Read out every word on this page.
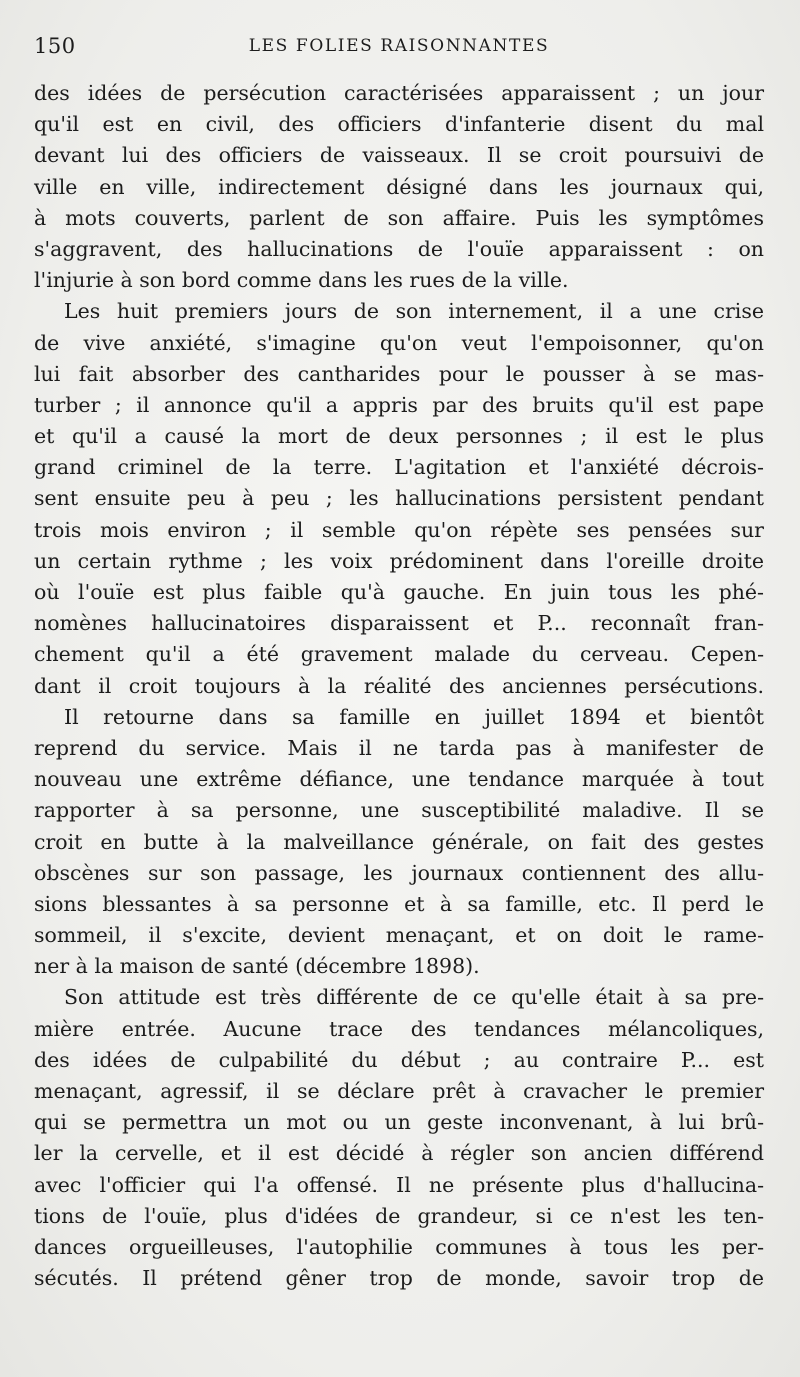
150	LES FOLIES RAISONNANTES
des idées de persécution caractérisées apparaissent ; un jour
qu'il est en civil, des officiers d'infanterie disent du mal
devant lui des officiers de vaisseaux. Il se croit poursuivi de
ville en ville, indirectement désigné dans les journaux qui,
à mots couverts, parlent de son affaire. Puis les symptômes
s'aggravent, des hallucinations de l'ouïe apparaissent : on
l'injurie à son bord comme dans les rues de la ville.
Les huit premiers jours de son internement, il a une crise
de vive anxiété, s'imagine qu'on veut l'empoisonner, qu'on
lui fait absorber des cantharides pour le pousser à se mas-
turber ; il annonce qu'il a appris par des bruits qu'il est pape
et qu'il a causé la mort de deux personnes ; il est le plus
grand criminel de la terre. L'agitation et l'anxiété décrois-
sent ensuite peu à peu ; les hallucinations persistent pendant
trois mois environ ; il semble qu'on répète ses pensées sur
un certain rythme ; les voix prédominent dans l'oreille droite
où l'ouïe est plus faible qu'à gauche. En juin tous les phé-
nomènes hallucinatoires disparaissent et P... reconnaît fran-
chement qu'il a été gravement malade du cerveau. Cepen-
dant il croit toujours à la réalité des anciennes persécutions.
Il retourne dans sa famille en juillet 1894 et bientôt
reprend du service. Mais il ne tarda pas à manifester de
nouveau une extrême défiance, une tendance marquée à tout
rapporter à sa personne, une susceptibilité maladive. Il se
croit en butte à la malveillance générale, on fait des gestes
obscènes sur son passage, les journaux contiennent des allu-
sions blessantes à sa personne et à sa famille, etc. Il perd le
sommeil, il s'excite, devient menaçant, et on doit le rame-
ner à la maison de santé (décembre 1898).
Son attitude est très différente de ce qu'elle était à sa pre-
mière entrée. Aucune trace des tendances mélancoliques,
des idées de culpabilité du début ; au contraire P... est
menaçant, agressif, il se déclare prêt à cravacher le premier
qui se permettra un mot ou un geste inconvenant, à lui brû-
ler la cervelle, et il est décidé à régler son ancien différend
avec l'officier qui l'a offensé. Il ne présente plus d'hallucina-
tions de l'ouïe, plus d'idées de grandeur, si ce n'est les ten-
dances orgueilleuses, l'autophilie communes à tous les per-
sécutés. Il prétend gêner trop de monde, savoir trop de
